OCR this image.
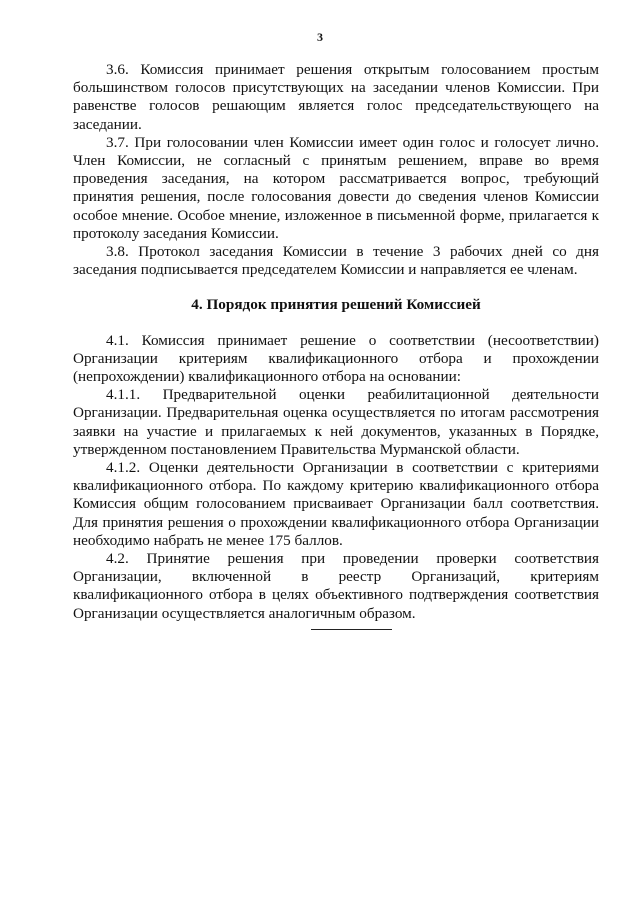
3

3.6. Комиссия принимает решения открытым голосованием простым большинством голосов присутствующих на заседании членов Комиссии. При равенстве голосов решающим является голос председательствующего на заседании.

3.7. При голосовании член Комиссии имеет один голос и голосует лично. Член Комиссии, не согласный с принятым решением, вправе во время проведения заседания, на котором рассматривается вопрос, требующий принятия решения, после голосования довести до сведения членов Комиссии особое мнение. Особое мнение, изложенное в письменной форме, прилагается к протоколу заседания Комиссии.

3.8. Протокол заседания Комиссии в течение 3 рабочих дней со дня заседания подписывается председателем Комиссии и направляется ее членам.

4. Порядок принятия решений Комиссией

4.1. Комиссия принимает решение о соответствии (несоответствии) Организации критериям квалификационного отбора и прохождении (непрохождении) квалификационного отбора на основании:

4.1.1. Предварительной оценки реабилитационной деятельности Организации. Предварительная оценка осуществляется по итогам рассмотрения заявки на участие и прилагаемых к ней документов, указанных в Порядке, утвержденном постановлением Правительства Мурманской области.

4.1.2. Оценки деятельности Организации в соответствии с критериями квалификационного отбора. По каждому критерию квалификационного отбора Комиссия общим голосованием присваивает Организации балл соответствия. Для принятия решения о прохождении квалификационного отбора Организации необходимо набрать не менее 175 баллов.

4.2. Принятие решения при проведении проверки соответствия Организации, включенной в реестр Организаций, критериям квалификационного отбора в целях объективного подтверждения соответствия Организации осуществляется аналогичным образом.
